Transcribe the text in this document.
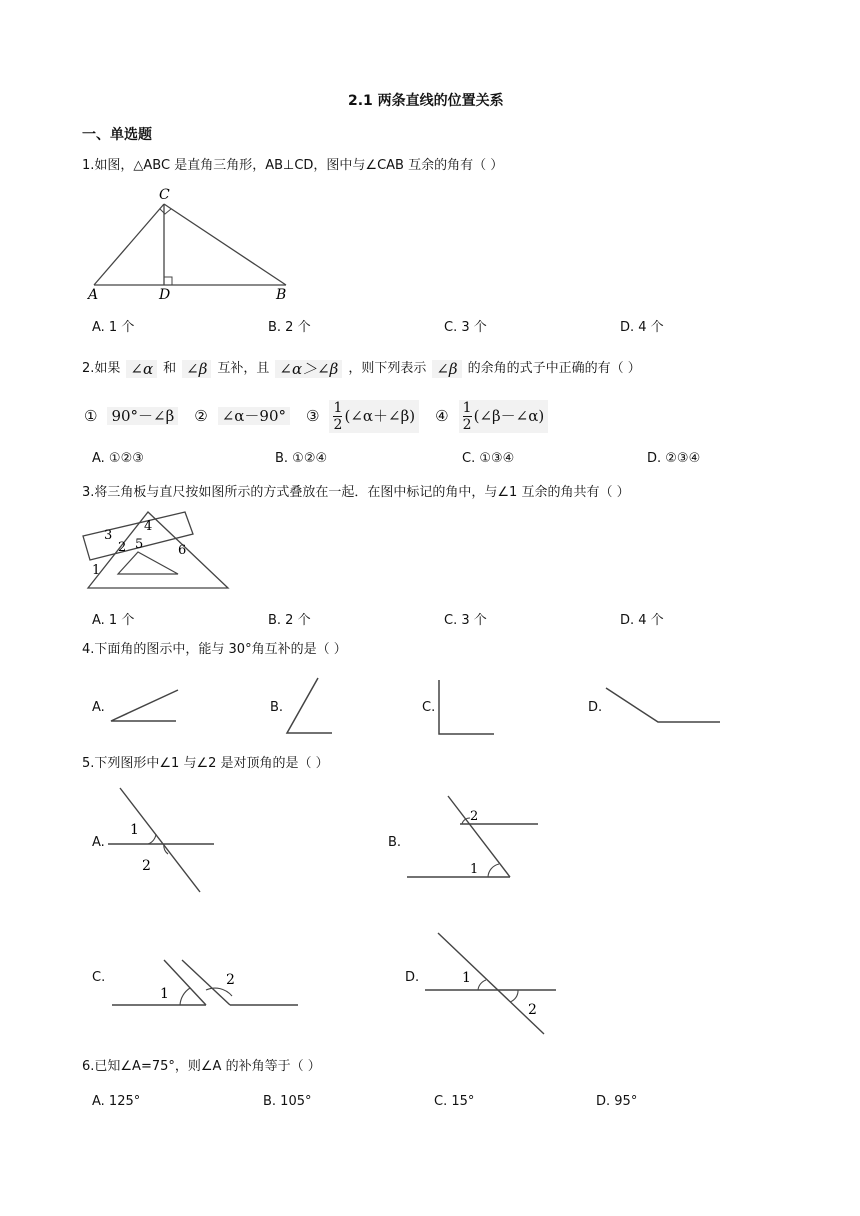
2.1 两条直线的位置关系
一、单选题
1.如图，△ABC 是直角三角形，AB⊥CD，图中与∠CAB 互余的角有（ ）
C
A	D	B
A. 1 个	B. 2 个	C. 3 个	D. 4 个
2.如果 ∠α 和 ∠β 互补，且 ∠α＞∠β ，则下列表示 ∠β 的余角的式子中正确的有（ ）
① 90°－∠β ② ∠α－90° ③ $\frac{1}{2}$ (∠α＋∠β) ④ $\frac{1}{2}$ (∠β－∠α)
A. ①②③	B. ①②④	C. ①③④	D. ②③④
3.将三角板与直尺按如图所示的方式叠放在一起．在图中标记的角中，与∠1 互余的角共有（ ）
1
2
3
4
5	6
A. 1 个	B. 2 个	C. 3 个	D. 4 个
4.下面角的图示中，能与 30°角互补的是（ ）
A.	B.	C.	D.
5.下列图形中∠1 与∠2 是对顶角的是（ ）
A.
1
2
B.
2
1
C.
1
2	D.	1
2
6.已知∠A=75°，则∠A 的补角等于（ ）
A. 125°	B. 105°	C. 15°	D. 95°
